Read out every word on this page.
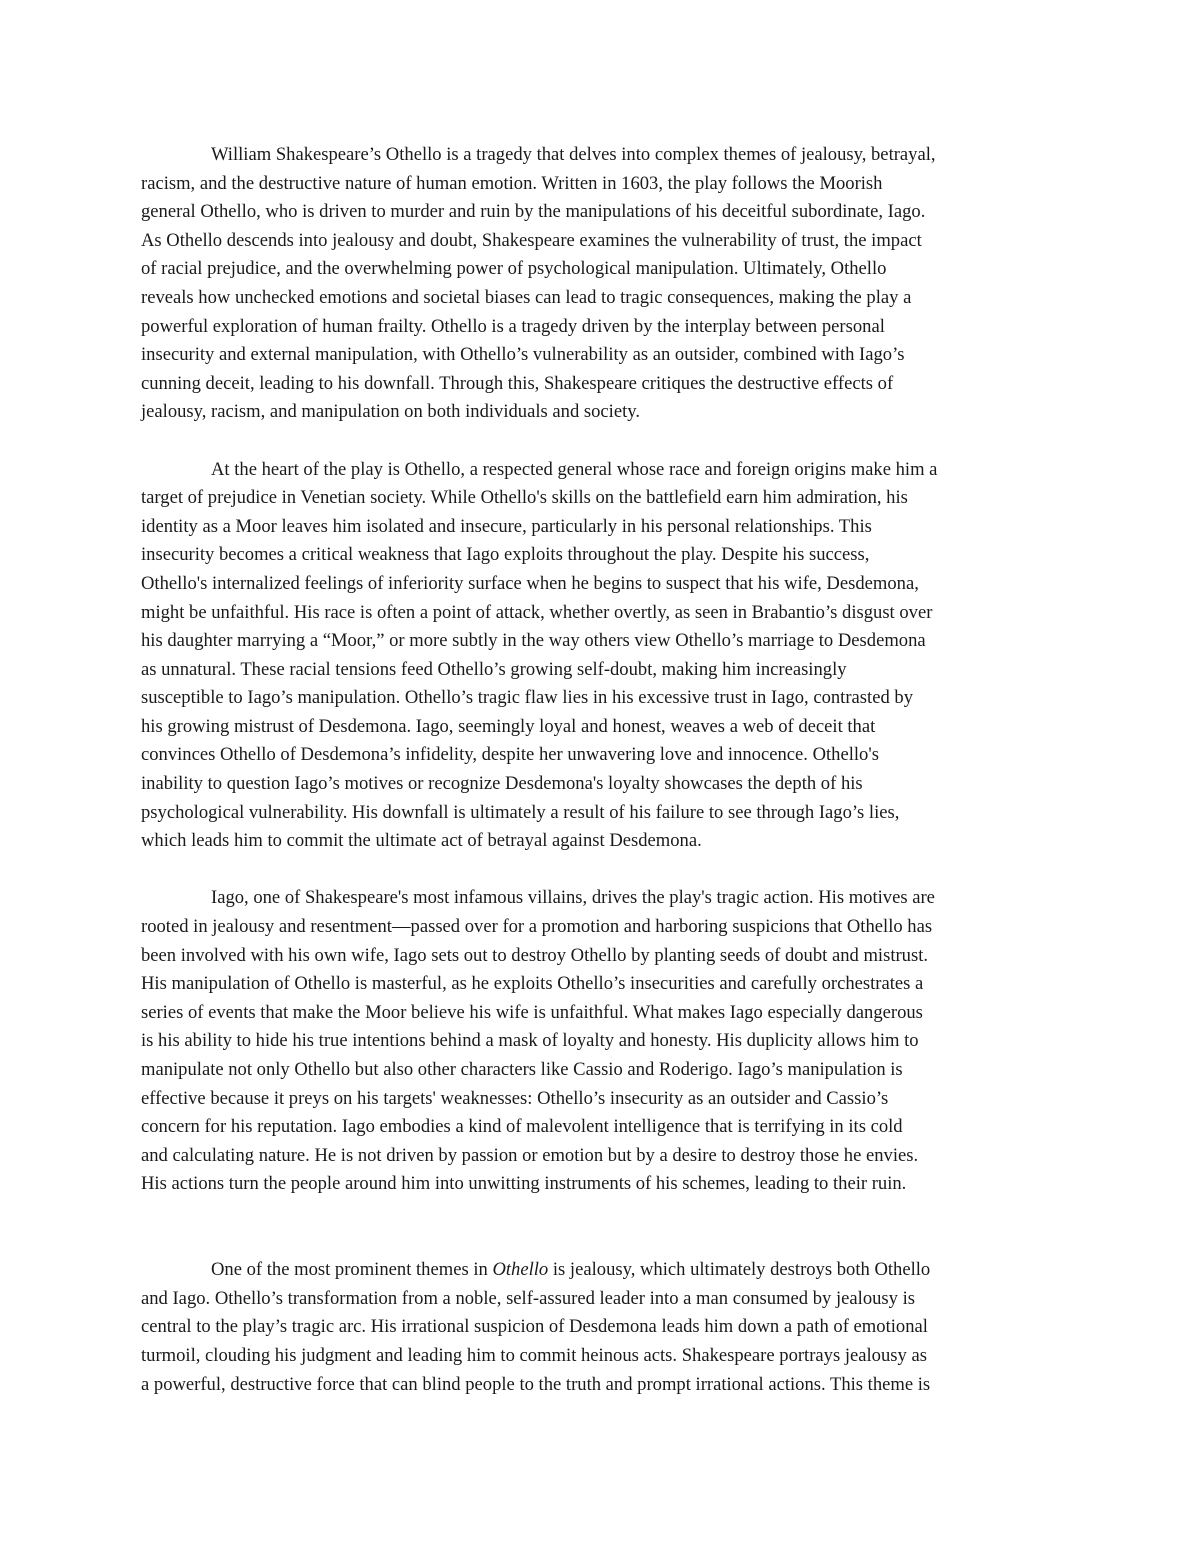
William Shakespeare’s Othello is a tragedy that delves into complex themes of jealousy, betrayal,
racism, and the destructive nature of human emotion. Written in 1603, the play follows the Moorish
general Othello, who is driven to murder and ruin by the manipulations of his deceitful subordinate, Iago.
As Othello descends into jealousy and doubt, Shakespeare examines the vulnerability of trust, the impact
of racial prejudice, and the overwhelming power of psychological manipulation. Ultimately, Othello
reveals how unchecked emotions and societal biases can lead to tragic consequences, making the play a
powerful exploration of human frailty. Othello is a tragedy driven by the interplay between personal
insecurity and external manipulation, with Othello’s vulnerability as an outsider, combined with Iago’s
cunning deceit, leading to his downfall. Through this, Shakespeare critiques the destructive effects of
jealousy, racism, and manipulation on both individuals and society.

At the heart of the play is Othello, a respected general whose race and foreign origins make him a
target of prejudice in Venetian society. While Othello's skills on the battlefield earn him admiration, his
identity as a Moor leaves him isolated and insecure, particularly in his personal relationships. This
insecurity becomes a critical weakness that Iago exploits throughout the play. Despite his success,
Othello's internalized feelings of inferiority surface when he begins to suspect that his wife, Desdemona,
might be unfaithful. His race is often a point of attack, whether overtly, as seen in Brabantio’s disgust over
his daughter marrying a “Moor,” or more subtly in the way others view Othello’s marriage to Desdemona
as unnatural. These racial tensions feed Othello’s growing self-doubt, making him increasingly
susceptible to Iago’s manipulation. Othello’s tragic flaw lies in his excessive trust in Iago, contrasted by
his growing mistrust of Desdemona. Iago, seemingly loyal and honest, weaves a web of deceit that
convinces Othello of Desdemona’s infidelity, despite her unwavering love and innocence. Othello's
inability to question Iago’s motives or recognize Desdemona's loyalty showcases the depth of his
psychological vulnerability. His downfall is ultimately a result of his failure to see through Iago’s lies,
which leads him to commit the ultimate act of betrayal against Desdemona.

Iago, one of Shakespeare's most infamous villains, drives the play's tragic action. His motives are
rooted in jealousy and resentment—passed over for a promotion and harboring suspicions that Othello has
been involved with his own wife, Iago sets out to destroy Othello by planting seeds of doubt and mistrust.
His manipulation of Othello is masterful, as he exploits Othello’s insecurities and carefully orchestrates a
series of events that make the Moor believe his wife is unfaithful. What makes Iago especially dangerous
is his ability to hide his true intentions behind a mask of loyalty and honesty. His duplicity allows him to
manipulate not only Othello but also other characters like Cassio and Roderigo. Iago’s manipulation is
effective because it preys on his targets' weaknesses: Othello’s insecurity as an outsider and Cassio’s
concern for his reputation. Iago embodies a kind of malevolent intelligence that is terrifying in its cold
and calculating nature. He is not driven by passion or emotion but by a desire to destroy those he envies.
His actions turn the people around him into unwitting instruments of his schemes, leading to their ruin.

One of the most prominent themes in Othello is jealousy, which ultimately destroys both Othello
and Iago. Othello’s transformation from a noble, self-assured leader into a man consumed by jealousy is
central to the play’s tragic arc. His irrational suspicion of Desdemona leads him down a path of emotional
turmoil, clouding his judgment and leading him to commit heinous acts. Shakespeare portrays jealousy as
a powerful, destructive force that can blind people to the truth and prompt irrational actions. This theme is
